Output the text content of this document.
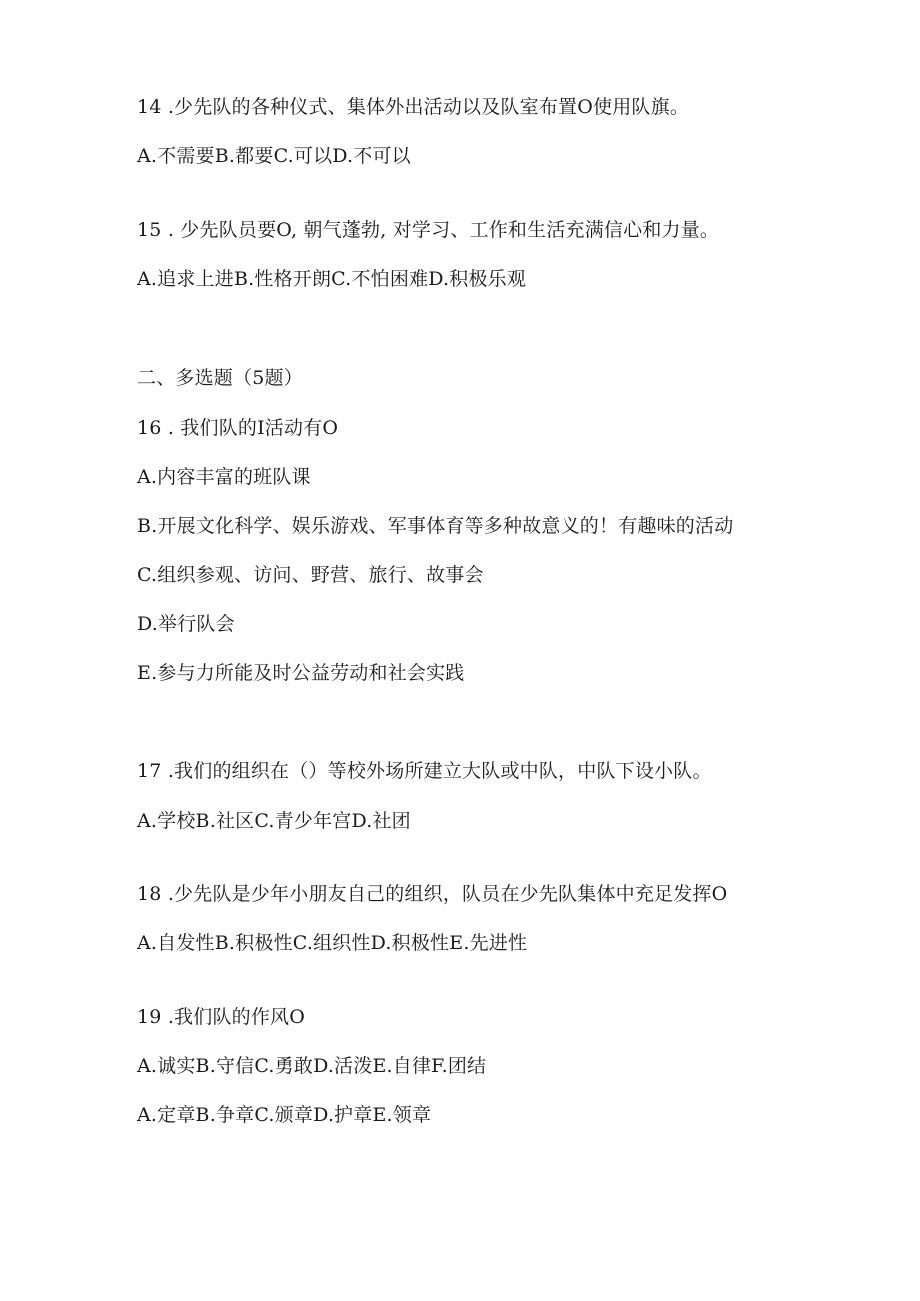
14 .少先队的各种仪式、集体外出活动以及队室布置O使用队旗。
A.不需要B.都要C.可以D.不可以
15 . 少先队员要O, 朝气蓬勃, 对学习、工作和生活充满信心和力量。
A.追求上进B.性格开朗C.不怕困难D.积极乐观
二、多选题（5题）
16 . 我们队的I活动有O
A.内容丰富的班队课
B.开展文化科学、娱乐游戏、军事体育等多种故意义的！有趣味的活动
C.组织参观、访问、野营、旅行、故事会
D.举行队会
E.参与力所能及时公益劳动和社会实践
17 .我们的组织在（）等校外场所建立大队或中队，中队下设小队。
A.学校B.社区C.青少年宫D.社团
18 .少先队是少年小朋友自己的组织，队员在少先队集体中充足发挥O
A.自发性B.积极性C.组织性D.积极性E.先进性
19 .我们队的作风O
A.诚实B.守信C.勇敢D.活泼E.自律F.团结
A.定章B.争章C.颁章D.护章E.领章
